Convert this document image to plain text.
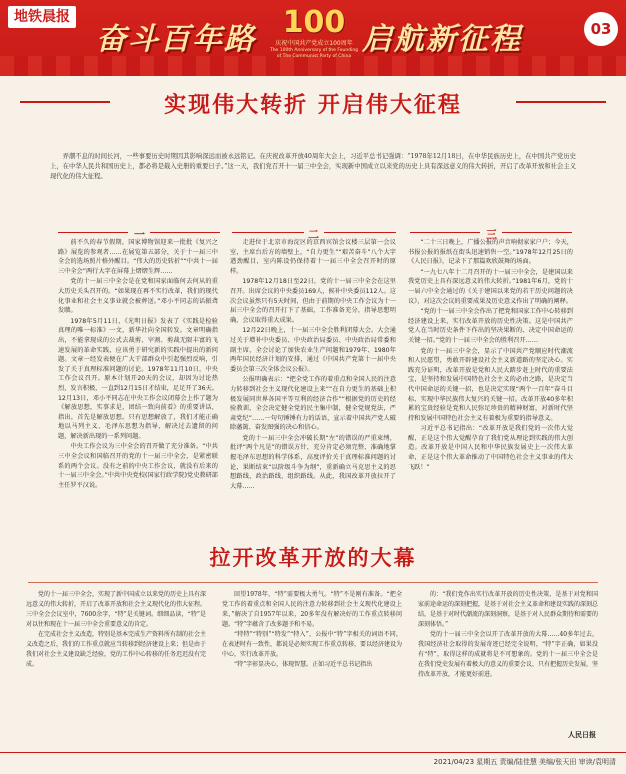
地铁晨报
奋斗百年路 100
庆祝中国共产党成立100周年
The 100th Anniversary of the Founding of The Communist Party of China 启航新征程	03
实现伟大转折 开启伟大征程

弄潮不息的时间长河，一些事要历史时期因其影响深远而被永远铭记。在庆祝改革开放40周年大会上，习近平总书记强调：“1978年12月18日，在中华民族历史上，在中国共产党历史上，在中华人民共和国历史上，都必将是载入史册的重要日子。”这一天，我们党召开十一届三中全会，实现新中国成立以来党的历史上具有深远意义的伟大转折，开启了改革开放和社会主义现代化的伟大征程。

一	二	三

前不久的春节假期，国家博物馆迎来一批批《复兴之路》展览的参观者……在展览第五部分，关于十一届三中全会的选场照片格外醒目。“伟大的历史转折”“中共十一届三中全会”两行大字在屏幕上熠熠生辉……

党的十一届三中全会是在党和国家面临何去何从的重大历史关头召开的。“如果现在再不实行改革，我们的现代化事业和社会主义事业就会被葬送。”邓小平同志的话振聋发聩。

1978年5月11日，《光明日报》发表了《实践是检验真理的唯一标准》一文，新华社向全国转发。文章明确指出，不能拿现成的公式去裁剪、宰割、剪裁无限丰富的飞速发展的革命实践，应该勇于研究新的实践中提出的新问题。文章一经发表便在广大干部群众中引起强烈反响，引发了关于真理标准问题的讨论。1978年11月10日，中央工作会议召开。原本计划开20天的会议，却因为讨论热烈，发言积极，一直到12月15日才结束，足足开了36天。12月13日，邓小平同志在中央工作会议闭幕会上作了题为《解放思想，实事求是，团结一致向前看》的重要讲话，指出，首先是解放思想。只有思想解放了，我们才能正确地以马列主义、毛泽东思想为指导，解决过去遗留的问题，解决新出现的一系列问题。

中央工作会议为三中全会的召开做了充分准备。“中共三中全会议和国临召开的党的十一届三中全会，是紧密联系的两个会议。没有之前的中央工作会议，就没有后来的十一届三中全会。”中共中央党校(国家行政学院)党史教研部主任罗平汉说。

走进位于北京市海淀区的京西宾馆会议楼三层第一会议室，主席台后方的墙壁上，“自力更生”“艰苦奋斗”八个大字遒劲醒目，室内陈设仍保持着十一届三中全会召开时的原样。

1978年12月18日至22日，党的十一届三中全会在这里召开。出席会议的中央委员169人，候补中央委员112人。这次会议虽然只有5天时间，但由于前期的中央工作会议为十一届三中全会的召开打下了基础，工作准备充分，指导思想明确，会议取得重大成果。

12月22日晚上，十一届三中全会胜利闭幕大会。大会通过关于增补中央委员、中央政治局委员、中央政治局常委和副主席，全会讨论了加快农业生产问题和1979年、1980年两年国民经济计划的安排，通过《中国共产党第十一届中央委员会第三次全体会议公报》。

公报明确表示：“把全党工作的着重点和全国人民的注意力转移到社会主义现代化建设上来”“在自力更生的基础上积极发展同世界各国平等互利的经济合作”“根据党的历史的经验教训，全会决定健全党的民主集中制，健全党规党法，严肃党纪”……一句句锤锤有力的话语，宣示着中国共产党人破除藩篱、奋发图强的决心和信心。

党的十一届三中全会冲破长期“左”的错误的严重束缚，批评“两个凡是”的错误方针，充分肯定必须完整、准确地掌握毛泽东思想的科学体系，高度评价关于真理标准问题的讨论，果断结束“以阶级斗争为纲”，重新确立马克思主义的思想路线、政治路线、组织路线。从此，我国改革开放拉开了大幕……

“二十三日晚上，广播公报的声音响彻家家户户；今天，书报公报的报纸在街头迅速销售一空。”1978年12月25日的《人民日报》，记录下了那篇欢欣鼓舞的场面。

“一九七八年十二月召开的十一届三中全会，是建国以来我党历史上具有深远意义的伟大转折。”1981年6月，党的十一届六中全会通过的《关于建国以来党的若干历史问题的决议》，对这次会议的重要成果及历史意义作出了明确的阐释。

“党的十一届三中全会作出了把党和国家工作中心转移到经济建设上来，实行改革开放的历史性决策。这是中国共产党人在当时历史条件下作出的坚决果断的、决定中国命运的关键一招。”党的十一届三中全会的胜利召开……

党的十一届三中全会，显示了中国共产党顺应时代潮流和人民愿望，勇敢开辟建设社会主义新道路的坚定决心。实践充分证明，改革开放是党和人民大踏步赶上时代的重要法宝，是坚持和发展中国特色社会主义的必由之路，是决定当代中国命运的关键一招，也是决定实现“两个一百年”奋斗目标、实现中华民族伟大复兴的关键一招。改革开放40多年积累的宝贵经验是党和人民弥足珍贵的精神财富，对新时代坚持和发展中国特色社会主义有着极为重要的指导意义。

习近平总书记指出：“改革开放是我们党的一次伟大觉醒，正是这个伟大觉醒孕育了我们党从理论到实践的伟大创造。改革开放是中国人民和中华民族发展史上一次伟大革命，正是这个伟大革命推动了中国特色社会主义事业的伟大飞跃！”

拉开改革开放的大幕

党的十一届三中全会，实现了新中国成立以来党的历史上具有深远意义的伟大转折，开启了改革开放和社会主义现代化的伟大征程。三中全会会议室中，7600余字，“特”是关键词。细细品读，“特”是对以往和现在十一届三中全会重要意义的肯定。

在完成社会主义改造，特别是基本完成生产资料所有制的社会主义改造之后，我们的工作重点就应当转移到经济建设上来；但是由于我们对社会主义建设缺乏经验，党的工作中心转移的任务迟迟没有完成。

回望1978年，“特”需要极大勇气。“特”不是刚有准备。“把全党工作的着重点和全国人民的注意力转移到社会主义现代化建设上来，”解决了自1957年以来，20多年没有解决好的工作重点转移问题。“特”字蕴含了改多题予和不易。

“特特”“特别”“特发”“特入”，公报中“特”字相关的词语不同，在表述时有一致性，都说是必须实现工作重点转移，要以经济建设为中心，实行改革开放。

“特”字彰显决心，体现智慧。正如习近平总书记指出

的：“我们党作出实行改革开放的历史性决策，是基于对党和国家前途命运的深刻把握，是基于对社会主义革命和建设实践的深刻总结，是基于对时代潮流的深刻洞察，是基于对人民群众期待和需要的深刻体悟。”

党的十一届三中全会以开了改革开放的大幕……40多年过去，我国经济社会取得的发展奇迹已经完全说明，“特”字正确，如果没有“特”，取得这样的成就将是不可想象的。党的十一届三中全会是在我们党史发展有着极大的意义的重要会议，只有把握历史发展，坚持改革开放，才能更好前进。

人民日报
2021/04/23 星期五 责编/陆佳慧 美编/张天田 审读/袁明清
